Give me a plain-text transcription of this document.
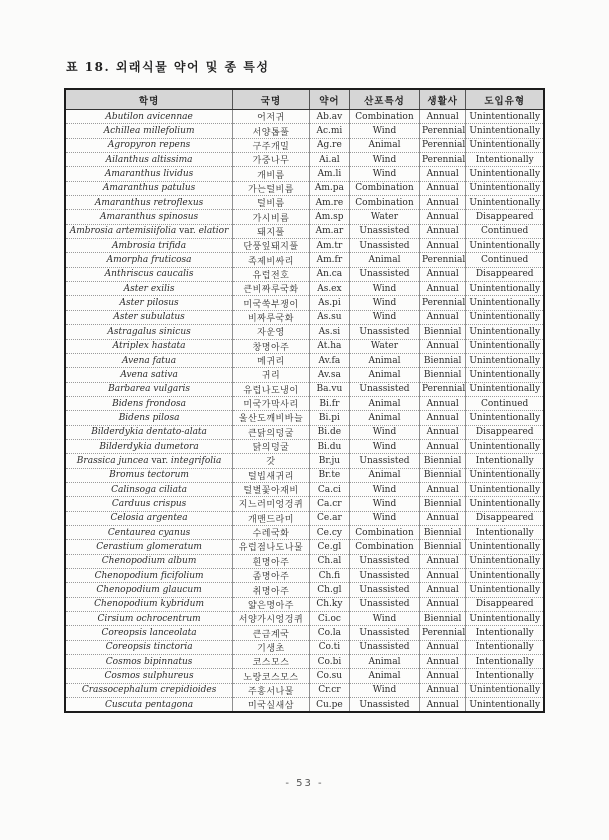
표 18. 외래식물 약어 및 종 특성
학명	국명	약어	산포특성	생활사	도입유형
Abutilon avicennae	어저귀	Ab.av	Combination	Annual	Unintentionally
Achillea millefolium	서양톱풀	Ac.mi	Wind	Perennial	Unintentionally
Agropyron repens	구주개밀	Ag.re	Animal	Perennial	Unintentionally
Ailanthus altissima	가중나무	Ai.al	Wind	Perennial	Intentionally
Amaranthus lividus	개비름	Am.li	Wind	Annual	Unintentionally
Amaranthus patulus	가는털비름	Am.pa	Combination	Annual	Unintentionally
Amaranthus retroflexus	털비름	Am.re	Combination	Annual	Unintentionally
Amaranthus spinosus	가시비름	Am.sp	Water	Annual	Disappeared
Ambrosia artemisiifolia var. elatior	돼지풀	Am.ar	Unassisted	Annual	Continued
Ambrosia trifida	단풍잎돼지풀	Am.tr	Unassisted	Annual	Unintentionally
Amorpha fruticosa	족제비싸리	Am.fr	Animal	Perennial	Continued
Anthriscus caucalis	유럽전호	An.ca	Unassisted	Annual	Disappeared
Aster exilis	큰비짜루국화	As.ex	Wind	Annual	Unintentionally
Aster pilosus	미국쑥부쟁이	As.pi	Wind	Perennial	Unintentionally
Aster subulatus	비짜루국화	As.su	Wind	Annual	Unintentionally
Astragalus sinicus	자운영	As.si	Unassisted	Biennial	Unintentionally
Atriplex hastata	창명아주	At.ha	Water	Annual	Unintentionally
Avena fatua	메귀리	Av.fa	Animal	Biennial	Unintentionally
Avena sativa	귀리	Av.sa	Animal	Biennial	Unintentionally
Barbarea vulgaris	유럽나도냉이	Ba.vu	Unassisted	Perennial	Unintentionally
Bidens frondosa	미국가막사리	Bi.fr	Animal	Annual	Continued
Bidens pilosa	울산도깨비바늘	Bi.pi	Animal	Annual	Unintentionally
Bilderdykia dentato-alata	큰닭의덩굴	Bi.de	Wind	Annual	Disappeared
Bilderdykia dumetora	닭의덩굴	Bi.du	Wind	Annual	Unintentionally
Brassica juncea var. integrifolia	갓	Br.ju	Unassisted	Biennial	Intentionally
Bromus tectorum	털빕새귀리	Br.te	Animal	Biennial	Unintentionally
Calinsoga ciliata	털별꽃아재비	Ca.ci	Wind	Annual	Unintentionally
Carduus crispus	지느러미엉겅퀴	Ca.cr	Wind	Biennial	Unintentionally
Celosia argentea	개맨드라미	Ce.ar	Wind	Annual	Disappeared
Centaurea cyanus	수레국화	Ce.cy	Combination	Biennial	Intentionally
Cerastium glomeratum	유럽점나도나물	Ce.gl	Combination	Biennial	Unintentionally
Chenopodium album	흰명아주	Ch.al	Unassisted	Annual	Unintentionally
Chenopodium ficifolium	좀명아주	Ch.fi	Unassisted	Annual	Unintentionally
Chenopodium glaucum	취명아주	Ch.gl	Unassisted	Annual	Unintentionally
Chenopodium kybridum	얇은명아주	Ch.ky	Unassisted	Annual	Disappeared
Cirsium ochrocentrum	서양가시엉겅퀴	Ci.oc	Wind	Biennial	Unintentionally
Coreopsis lanceolata	큰금계국	Co.la	Unassisted	Perennial	Intentionally
Coreopsis tinctoria	기생초	Co.ti	Unassisted	Annual	Intentionally
Cosmos bipinnatus	코스모스	Co.bi	Animal	Annual	Intentionally
Cosmos sulphureus	노랑코스모스	Co.su	Animal	Annual	Intentionally
Crassocephalum crepidioides	주홍서나물	Cr.cr	Wind	Annual	Unintentionally
Cuscuta pentagona	미국실새삼	Cu.pe	Unassisted	Annual	Unintentionally
- 53 -
